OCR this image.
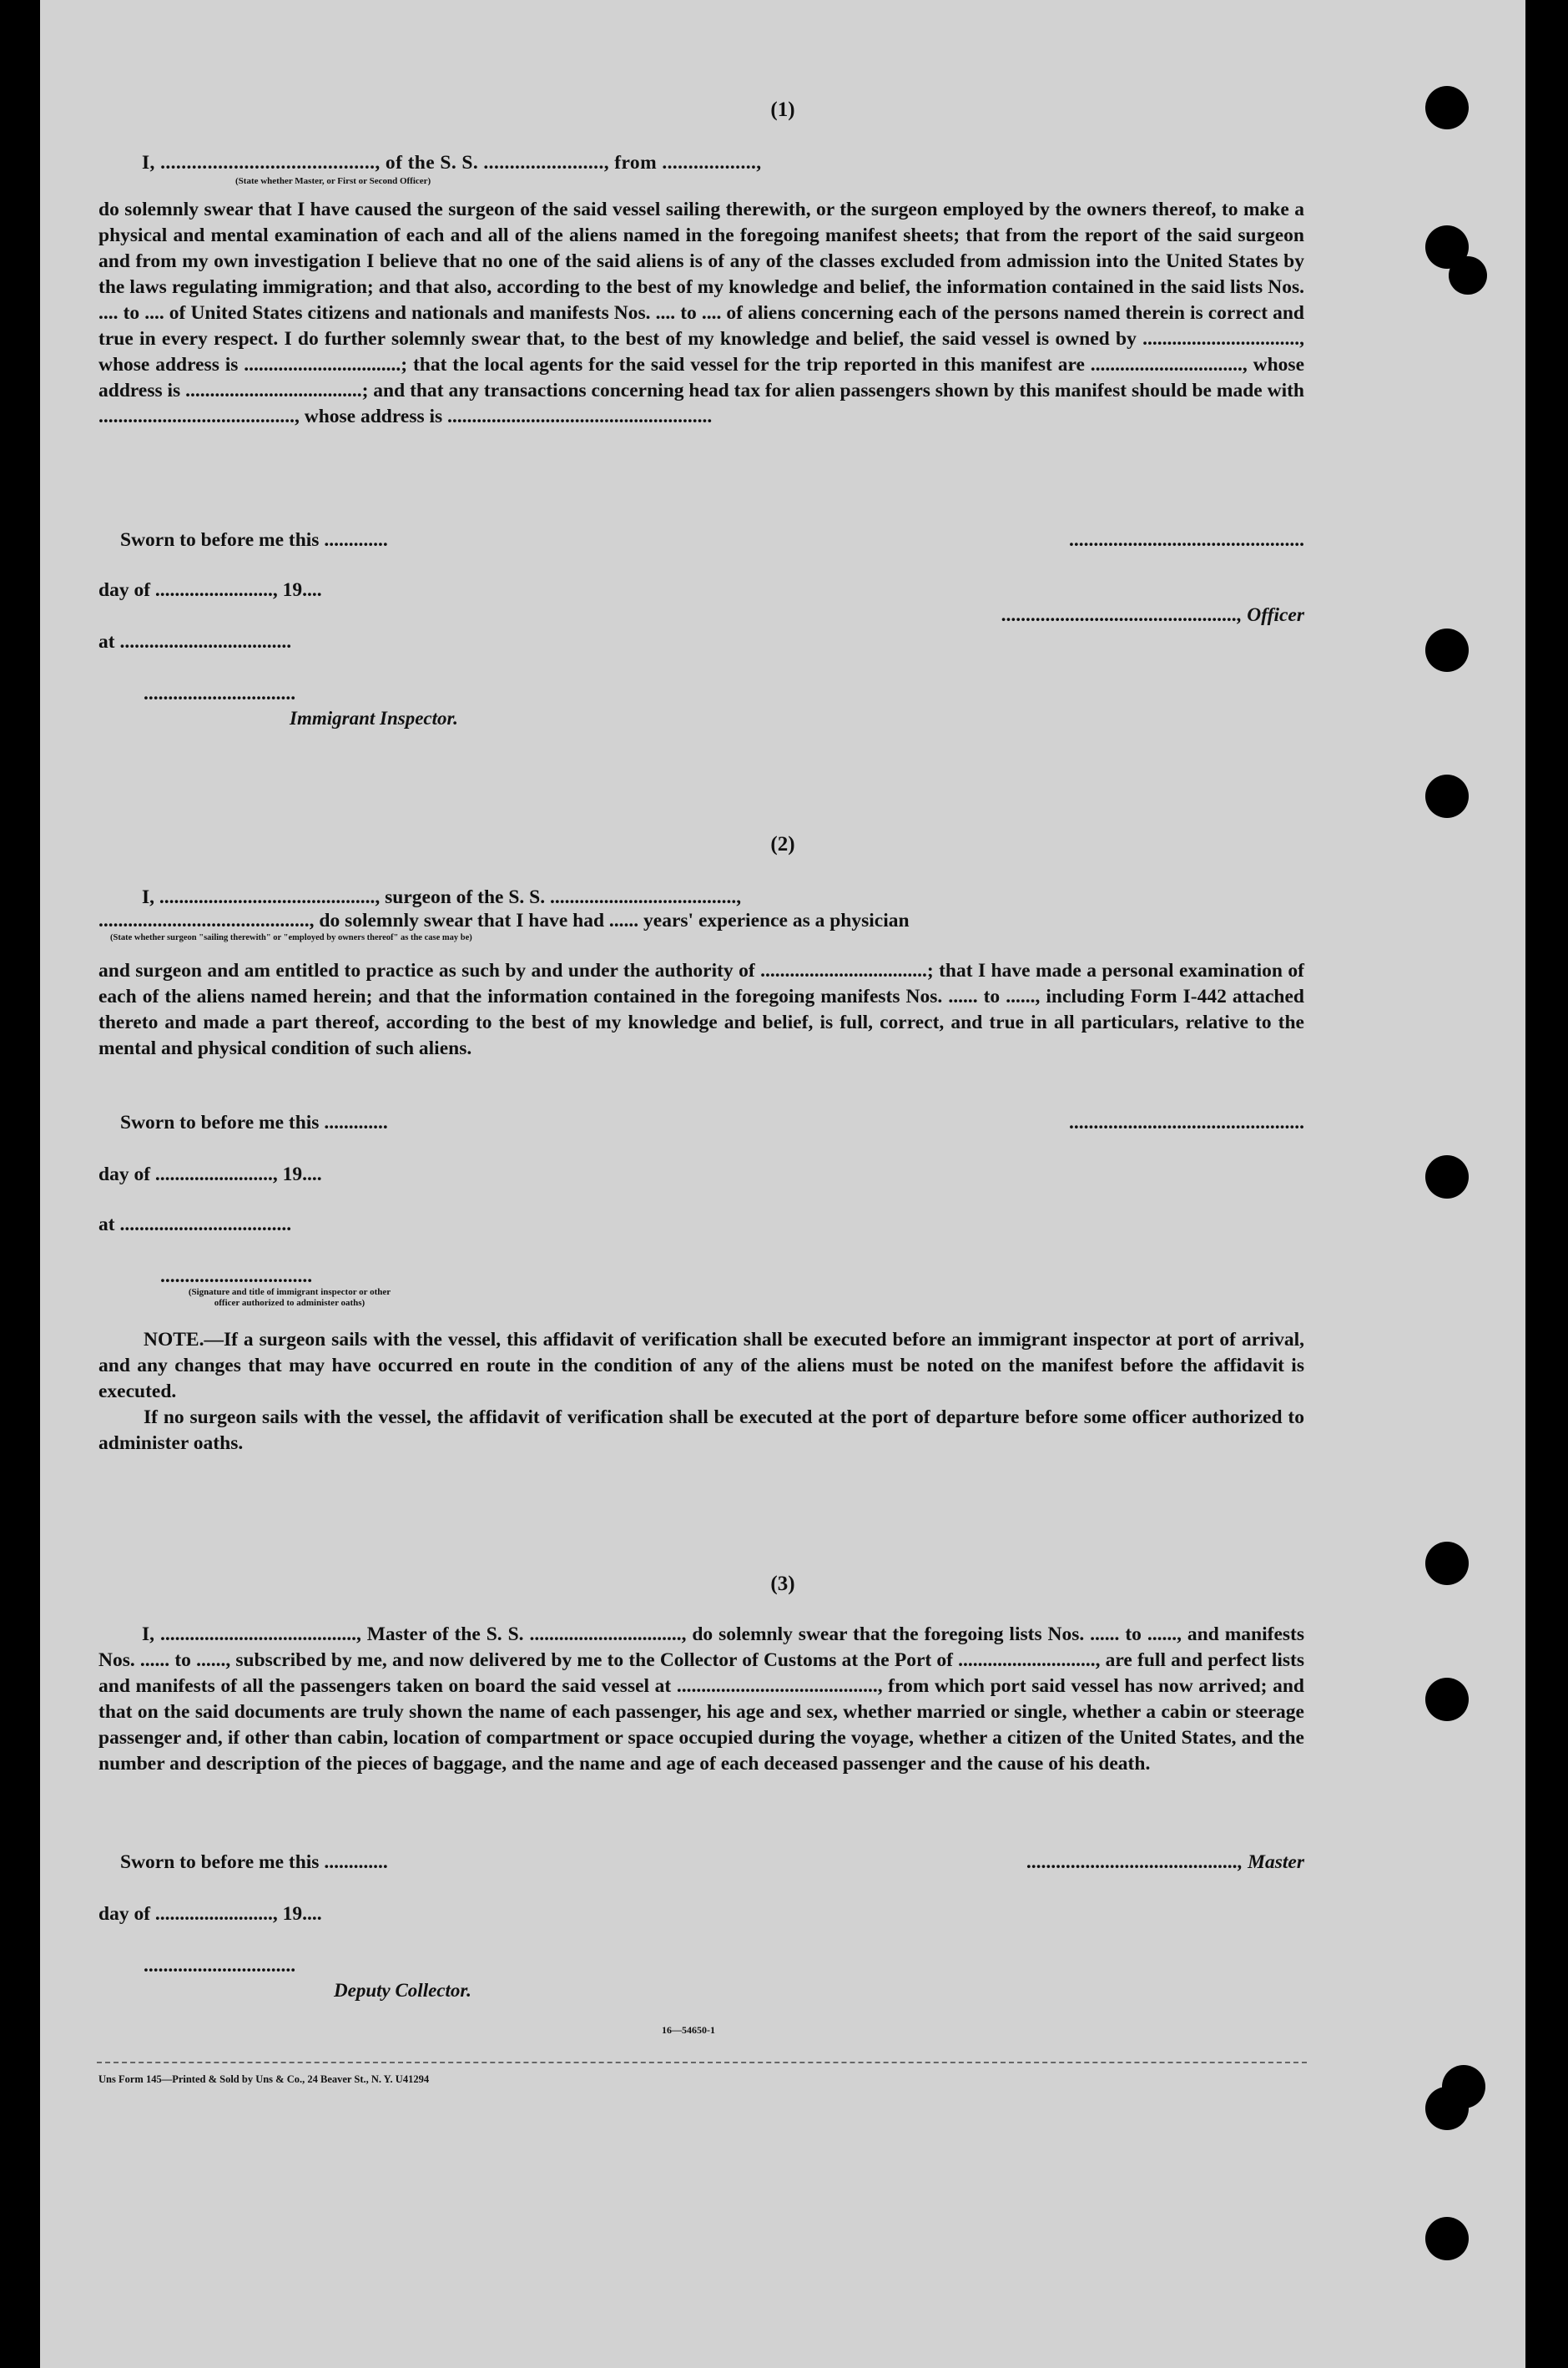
(1)
I, ........................................., of the S. S. ......................., from ..................,
(State whether Master, or First or Second Officer)

do solemnly swear that I have caused the surgeon of the said vessel sailing therewith, or the surgeon employed by the owners thereof, to make a physical and mental examination of each and all of the aliens named in the foregoing manifest sheets; that from the report of the said surgeon and from my own investigation I believe that no one of the said aliens is of any of the classes excluded from admission into the United States by the laws regulating immigration; and that also, according to the best of my knowledge and belief, the information contained in the said lists Nos. .... to .... of United States citizens and nationals and manifests Nos. .... to .... of aliens concerning each of the persons named therein is correct and true in every respect. I do further solemnly swear that, to the best of my knowledge and belief, the said vessel is owned by ................................, whose address is ................................; that the local agents for the said vessel for the trip reported in this manifest are ..............................., whose address is ....................................; and that any transactions concerning head tax for alien passengers shown by this manifest should be made with ........................................, whose address is ......................................................

Sworn to before me this .............	................................................
day of ........................, 19....
................................................, Officer
at ...................................
...............................
Immigrant Inspector.
(2)
I, ............................................, surgeon of the S. S. ......................................,
..........................................., do solemnly swear that I have had ...... years' experience as a physician
(State whether surgeon "sailing therewith" or "employed by owners thereof" as the case may be)

and surgeon and am entitled to practice as such by and under the authority of ..................................; that I have made a personal examination of each of the aliens named herein; and that the information contained in the foregoing manifests Nos. ...... to ......, including Form I-442 attached thereto and made a part thereof, according to the best of my knowledge and belief, is full, correct, and true in all particulars, relative to the mental and physical condition of such aliens.

Sworn to before me this .............	................................................
day of ........................, 19....
at ...................................
...............................
(Signature and title of immigrant inspector or other officer authorized to administer oaths)

NOTE.—If a surgeon sails with the vessel, this affidavit of verification shall be executed before an immigrant inspector at port of arrival, and any changes that may have occurred en route in the condition of any of the aliens must be noted on the manifest before the affidavit is executed.

If no surgeon sails with the vessel, the affidavit of verification shall be executed at the port of departure before some officer authorized to administer oaths.

(3)

I, ........................................, Master of the S. S. ..............................., do solemnly swear that the foregoing lists Nos. ...... to ......, and manifests Nos. ...... to ......, subscribed by me, and now delivered by me to the Collector of Customs at the Port of ............................, are full and perfect lists and manifests of all the passengers taken on board the said vessel at ........................................., from which port said vessel has now arrived; and that on the said documents are truly shown the name of each passenger, his age and sex, whether married or single, whether a cabin or steerage passenger and, if other than cabin, location of compartment or space occupied during the voyage, whether a citizen of the United States, and the number and description of the pieces of baggage, and the name and age of each deceased passenger and the cause of his death.

Sworn to before me this .............	..........................................., Master
day of ........................, 19....
...............................
Deputy Collector.
16—54650-1
Uns Form 145—Printed & Sold by Uns & Co., 24 Beaver St., N. Y. U41294
